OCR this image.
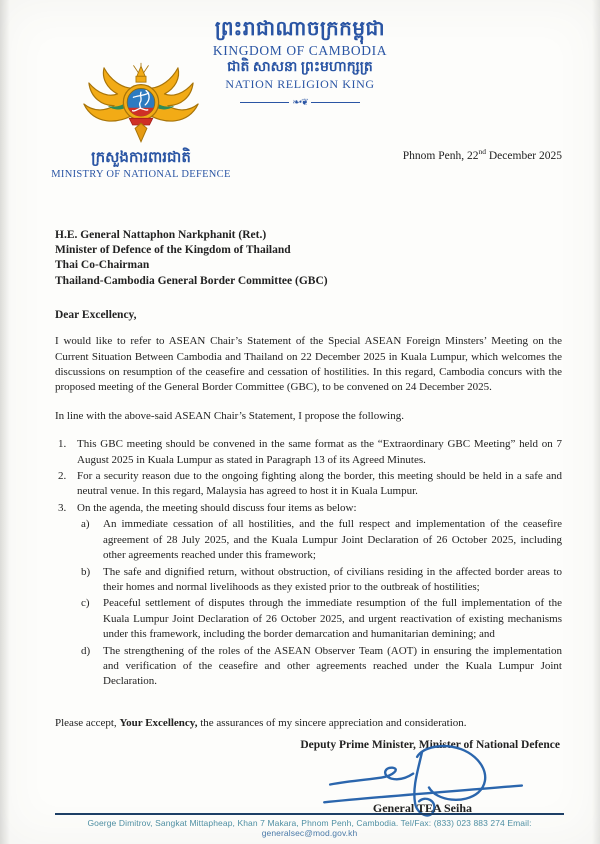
ព្រះរាជាណាចក្រកម្ពុជា
KINGDOM OF CAMBODIA
ជាតិ សាសនា ព្រះមហាក្សត្រ
NATION RELIGION KING
❧•❦
ក្រសួងការពារជាតិ
MINISTRY OF NATIONAL DEFENCE
Phnom Penh, 22nd December 2025
H.E. General Nattaphon Narkphanit (Ret.)
Minister of Defence of the Kingdom of Thailand
Thai Co-Chairman
Thailand-Cambodia General Border Committee (GBC)
Dear Excellency,
I would like to refer to ASEAN Chair’s Statement of the Special ASEAN Foreign Minsters’ Meeting on the Current Situation Between Cambodia and Thailand on 22 December 2025 in Kuala Lumpur, which welcomes the discussions on resumption of the ceasefire and cessation of hostilities. In this regard, Cambodia concurs with the proposed meeting of the General Border Committee (GBC), to be convened on 24 December 2025.
In line with the above-said ASEAN Chair’s Statement, I propose the following.
1. This GBC meeting should be convened in the same format as the “Extraordinary GBC Meeting” held on 7 August 2025 in Kuala Lumpur as stated in Paragraph 13 of its Agreed Minutes.
2. For a security reason due to the ongoing fighting along the border, this meeting should be held in a safe and neutral venue. In this regard, Malaysia has agreed to host it in Kuala Lumpur.
3. On the agenda, the meeting should discuss four items as below:
a)	An immediate cessation of all hostilities, and the full respect and implementation of the ceasefire agreement of 28 July 2025, and the Kuala Lumpur Joint Declaration of 26 October 2025, including other agreements reached under this framework;
b)	The safe and dignified return, without obstruction, of civilians residing in the affected border areas to their homes and normal livelihoods as they existed prior to the outbreak of hostilities;
c)	Peaceful settlement of disputes through the immediate resumption of the full implementation of the Kuala Lumpur Joint Declaration of 26 October 2025, and urgent reactivation of existing mechanisms under this framework, including the border demarcation and humanitarian demining; and
d)	The strengthening of the roles of the ASEAN Observer Team (AOT) in ensuring the implementation and verification of the ceasefire and other agreements reached under the Kuala Lumpur Joint Declaration.
Please accept, Your Excellency, the assurances of my sincere appreciation and consideration.
Deputy Prime Minister, Minister of National Defence
General TEA Seiha
Goerge Dimitrov, Sangkat Mittapheap, Khan 7 Makara, Phnom Penh, Cambodia. Tel/Fax: (833) 023 883 274 Email: generalsec@mod.gov.kh
